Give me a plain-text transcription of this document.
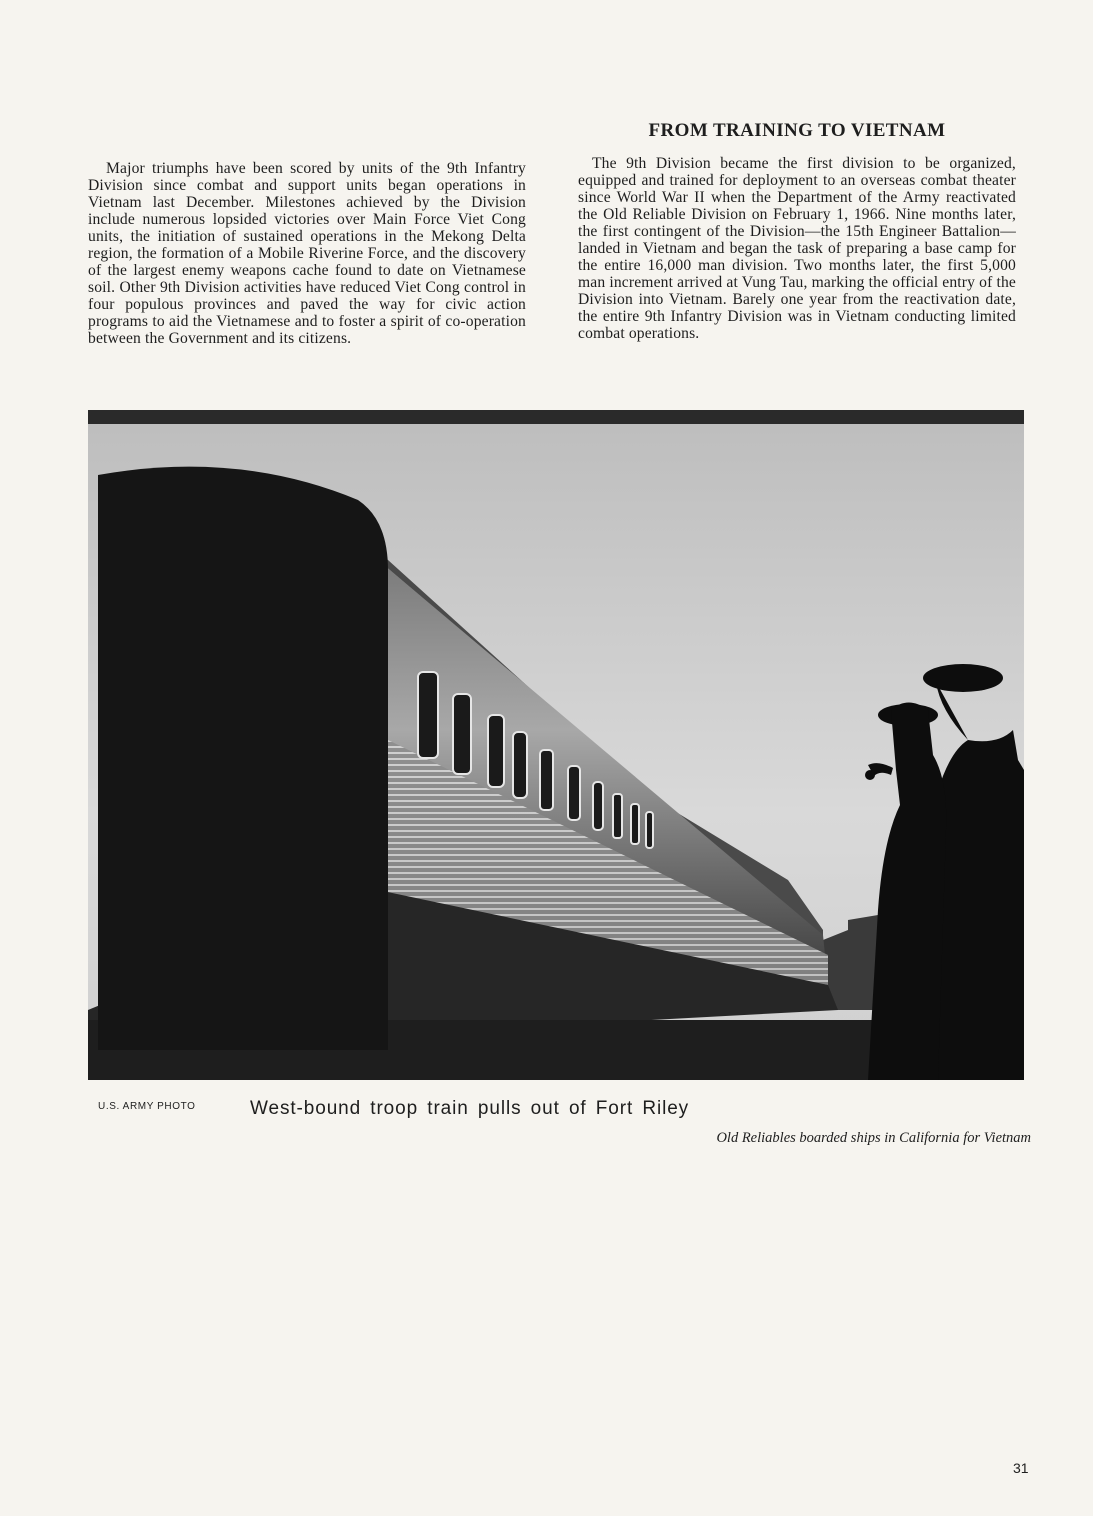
Major triumphs have been scored by units of the 9th Infantry Division since combat and support units began operations in Vietnam last December. Milestones achieved by the Division include numerous lopsided victories over Main Force Viet Cong units, the initiation of sustained operations in the Mekong Delta region, the formation of a Mobile Riverine Force, and the discovery of the largest enemy weapons cache found to date on Vietnamese soil. Other 9th Division activities have reduced Viet Cong control in four populous provinces and paved the way for civic action programs to aid the Vietnamese and to foster a spirit of co-operation between the Government and its citizens.

FROM TRAINING TO VIETNAM

The 9th Division became the first division to be organized, equipped and trained for deployment to an overseas combat theater since World War II when the Department of the Army reactivated the Old Reliable Division on February 1, 1966. Nine months later, the first contingent of the Division—the 15th Engineer Battalion—landed in Vietnam and began the task of preparing a base camp for the entire 16,000 man division. Two months later, the first 5,000 man increment arrived at Vung Tau, marking the official entry of the Division into Vietnam. Barely one year from the reactivation date, the entire 9th Infantry Division was in Vietnam conducting limited combat operations.

U.S. ARMY PHOTO	West-bound troop train pulls out of Fort Riley
Old Reliables boarded ships in California for Vietnam
31
